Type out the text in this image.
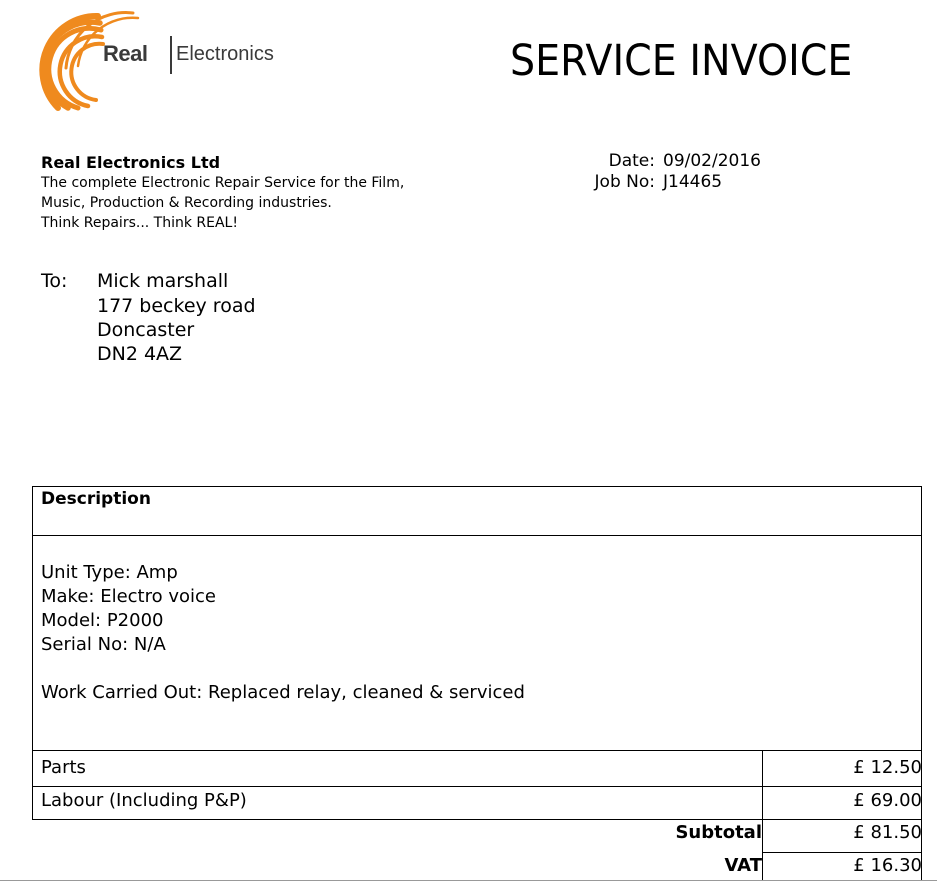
Real Electronics	SERVICE INVOICE
Real Electronics Ltd
The complete Electronic Repair Service for the Film,
Music, Production & Recording industries.
Think Repairs... Think REAL!
Date: 09/02/2016
Job No: J14465
To: Mick marshall
177 beckey road
Doncaster
DN2 4AZ
Description
Unit Type: Amp
Make: Electro voice
Model: P2000
Serial No: N/A
Work Carried Out: Replaced relay, cleaned & serviced
Parts	£ 12.50
Labour (Including P&P)	£ 69.00
Subtotal	£ 81.50
VAT	£ 16.30
